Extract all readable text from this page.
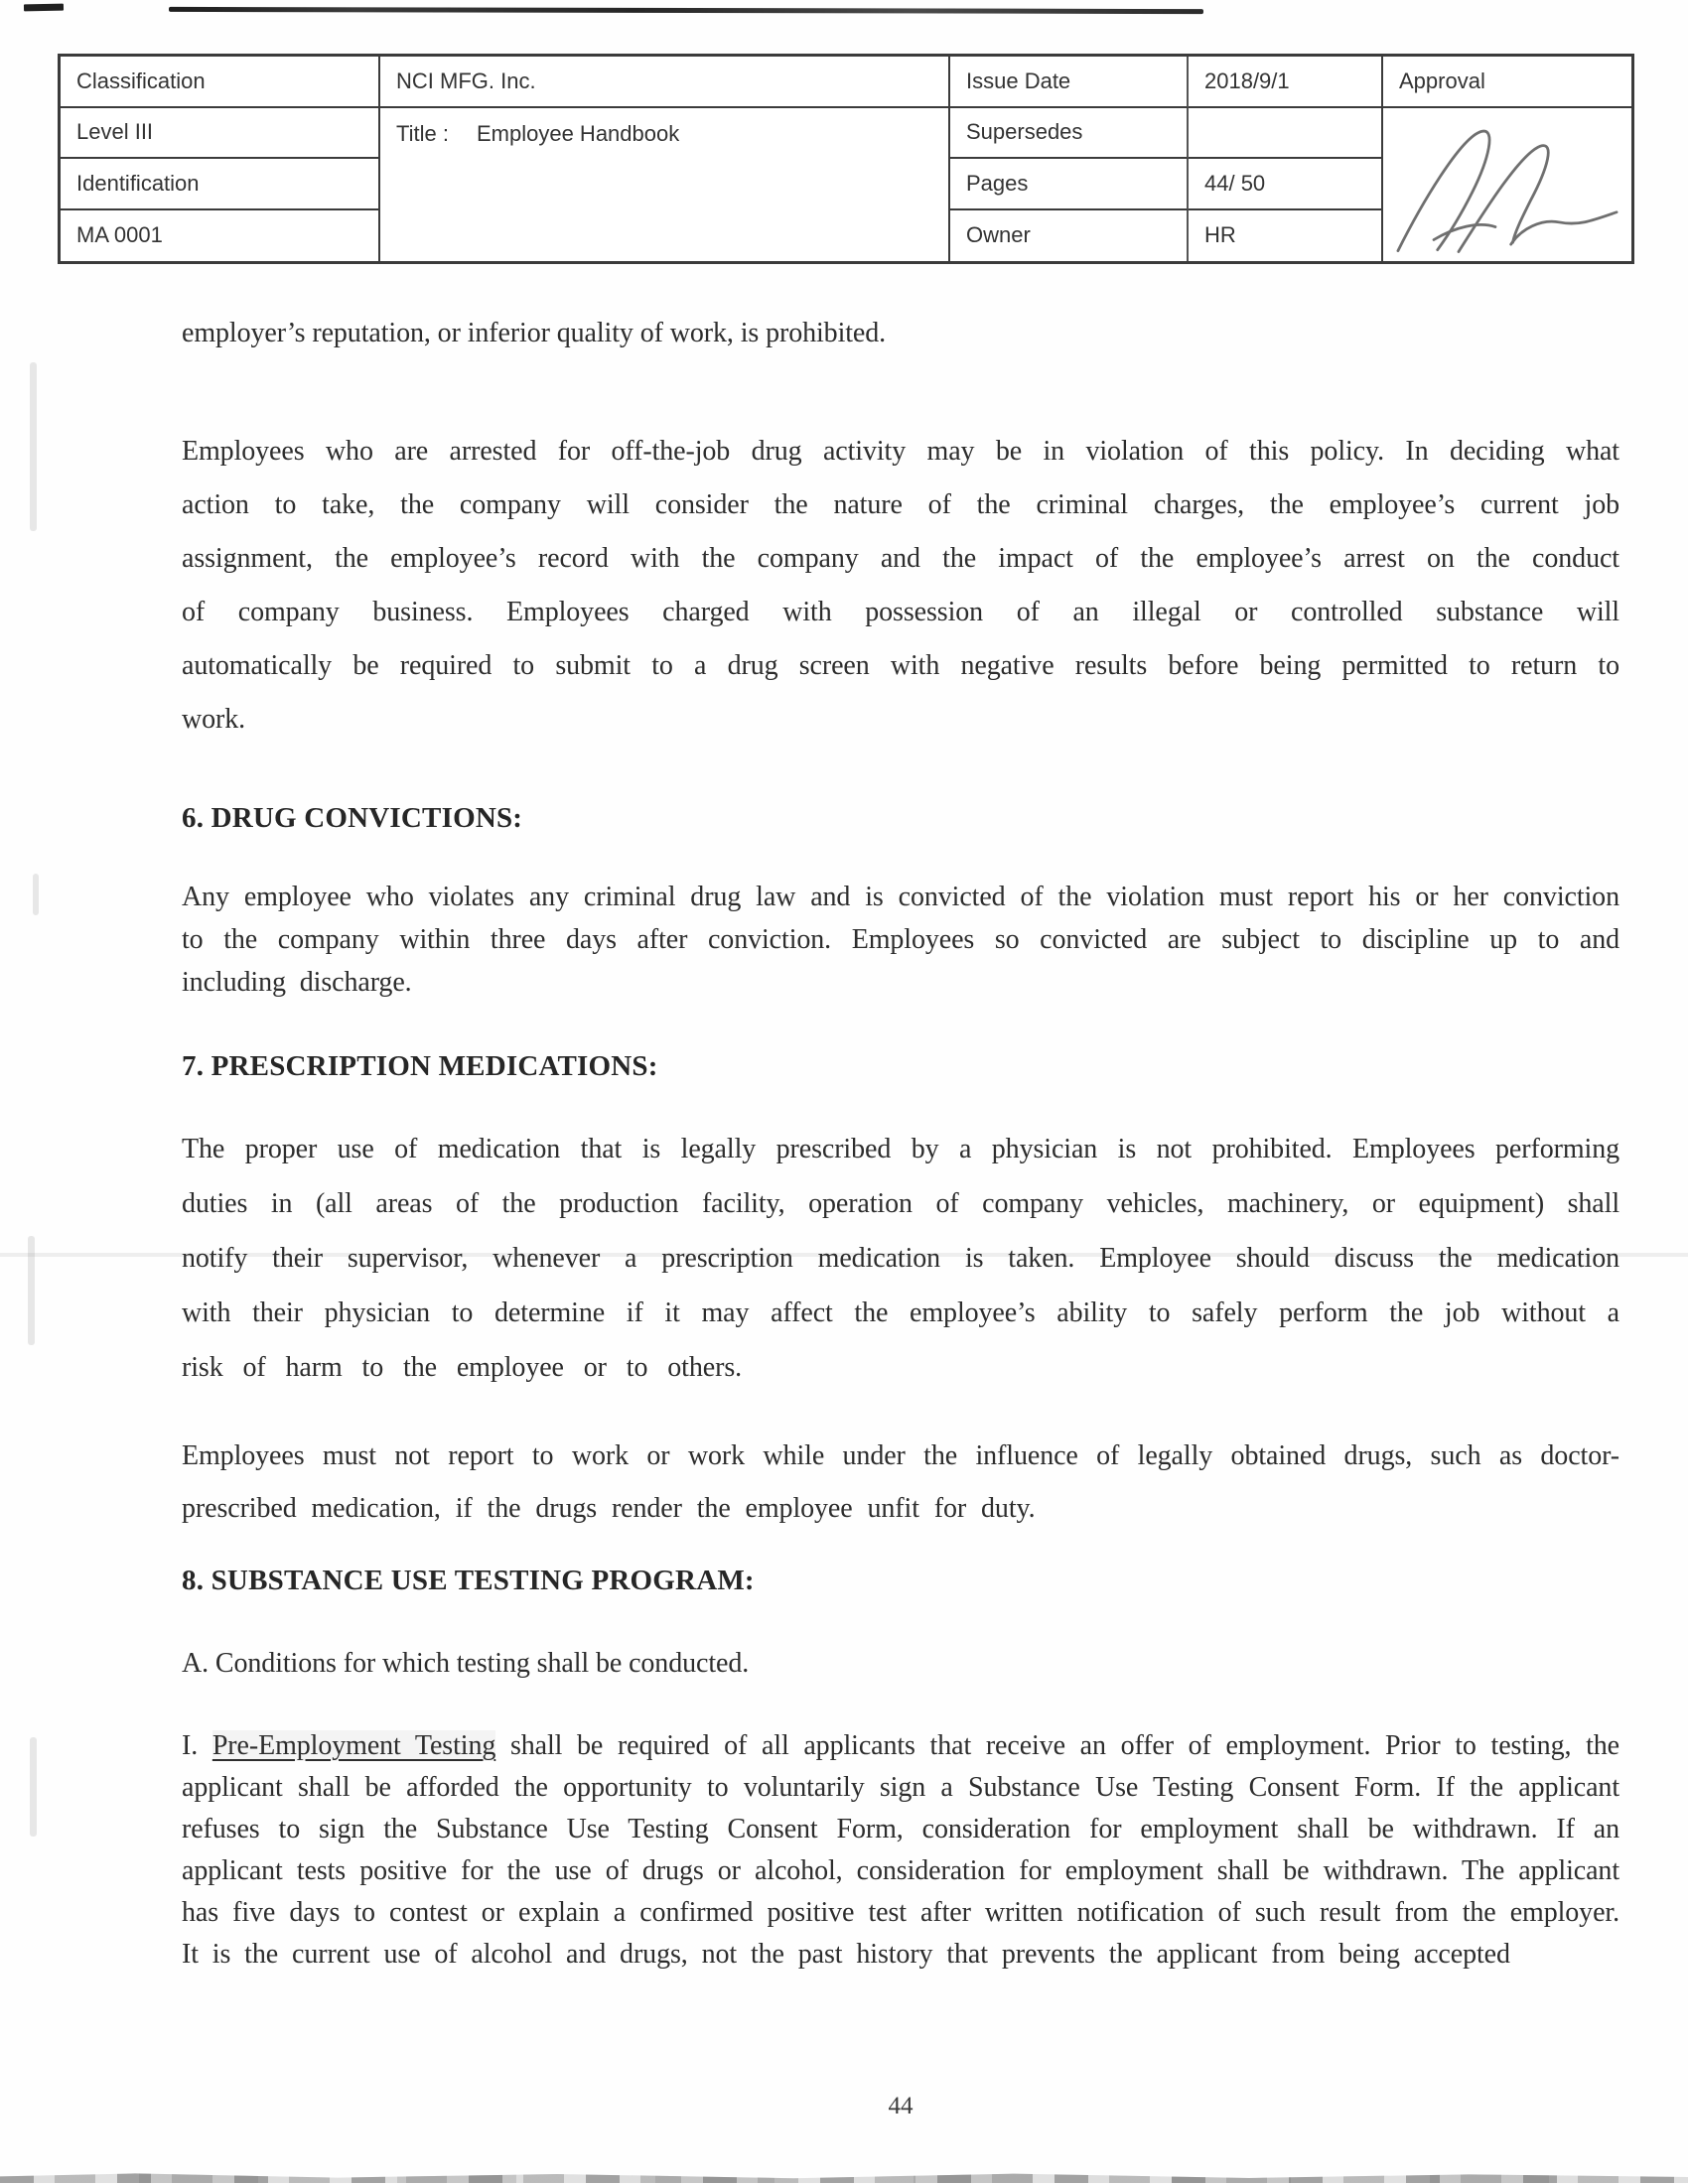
Classification	NCI MFG. Inc.	Issue Date	2018/9/1	Approval
Level III	Title : Employee Handbook	Supersedes
Identification	Pages	44/ 50
MA 0001	Owner	HR
employer’s reputation, or inferior quality of work, is prohibited.
Employees who are arrested for off-the-job drug activity may be in violation of this policy. In deciding what action to take, the company will consider the nature of the criminal charges, the employee’s current job assignment, the employee’s record with the company and the impact of the employee’s arrest on the conduct of company business. Employees charged with possession of an illegal or controlled substance will automatically be required to submit to a drug screen with negative results before being permitted to return to work.
6. DRUG CONVICTIONS:
Any employee who violates any criminal drug law and is convicted of the violation must report his or her conviction to the company within three days after conviction. Employees so convicted are subject to discipline up to and including discharge.
7. PRESCRIPTION MEDICATIONS:
The proper use of medication that is legally prescribed by a physician is not prohibited. Employees performing duties in (all areas of the production facility, operation of company vehicles, machinery, or equipment) shall notify their supervisor, whenever a prescription medication is taken. Employee should discuss the medication with their physician to determine if it may affect the employee’s ability to safely perform the job without a risk of harm to the employee or to others.
Employees must not report to work or work while under the influence of legally obtained drugs, such as doctor-prescribed medication, if the drugs render the employee unfit for duty.
8. SUBSTANCE USE TESTING PROGRAM:
A. Conditions for which testing shall be conducted.
I. Pre-Employment Testing shall be required of all applicants that receive an offer of employment. Prior to testing, the applicant shall be afforded the opportunity to voluntarily sign a Substance Use Testing Consent Form. If the applicant refuses to sign the Substance Use Testing Consent Form, consideration for employment shall be withdrawn. If an applicant tests positive for the use of drugs or alcohol, consideration for employment shall be withdrawn. The applicant has five days to contest or explain a confirmed positive test after written notification of such result from the employer. It is the current use of alcohol and drugs, not the past history that prevents the applicant from being accepted
44
